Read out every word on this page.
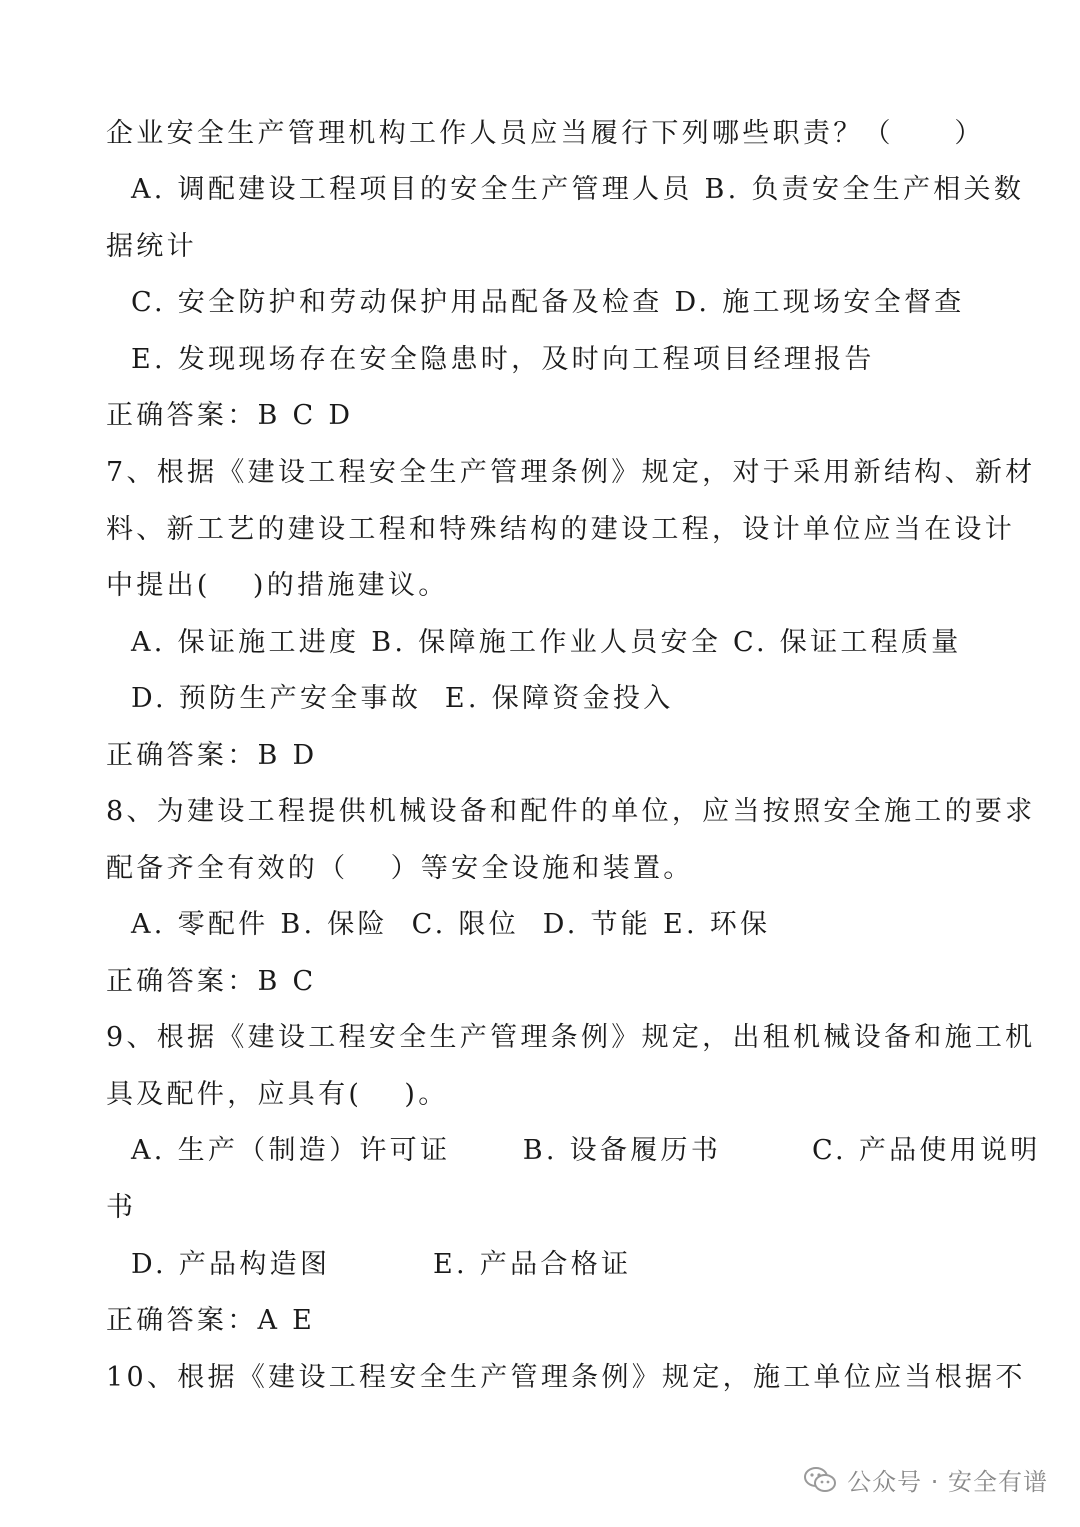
企业安全生产管理机构工作人员应当履行下列哪些职责？（　　）
A. 调配建设工程项目的安全生产管理人员 B. 负责安全生产相关数
据统计
C. 安全防护和劳动保护用品配备及检查 D. 施工现场安全督查
E. 发现现场存在安全隐患时，及时向工程项目经理报告
正确答案：B C D
7、根据《建设工程安全生产管理条例》规定，对于采用新结构、新材
料、新工艺的建设工程和特殊结构的建设工程，设计单位应当在设计
中提出(　 )的措施建议。
A. 保证施工进度 B. 保障施工作业人员安全 C. 保证工程质量
D. 预防生产安全事故  E. 保障资金投入
正确答案：B D
8、为建设工程提供机械设备和配件的单位，应当按照安全施工的要求
配备齐全有效的（　 ）等安全设施和装置。
A. 零配件 B. 保险  C. 限位  D. 节能 E. 环保
正确答案：B C
9、根据《建设工程安全生产管理条例》规定，出租机械设备和施工机
具及配件，应具有(　 )。
A. 生产（制造）许可证　　 B. 设备履历书　　　C. 产品使用说明
书
D. 产品构造图　　　 E. 产品合格证
正确答案：A E
10、根据《建设工程安全生产管理条例》规定，施工单位应当根据不
公众号 · 安全有谱
